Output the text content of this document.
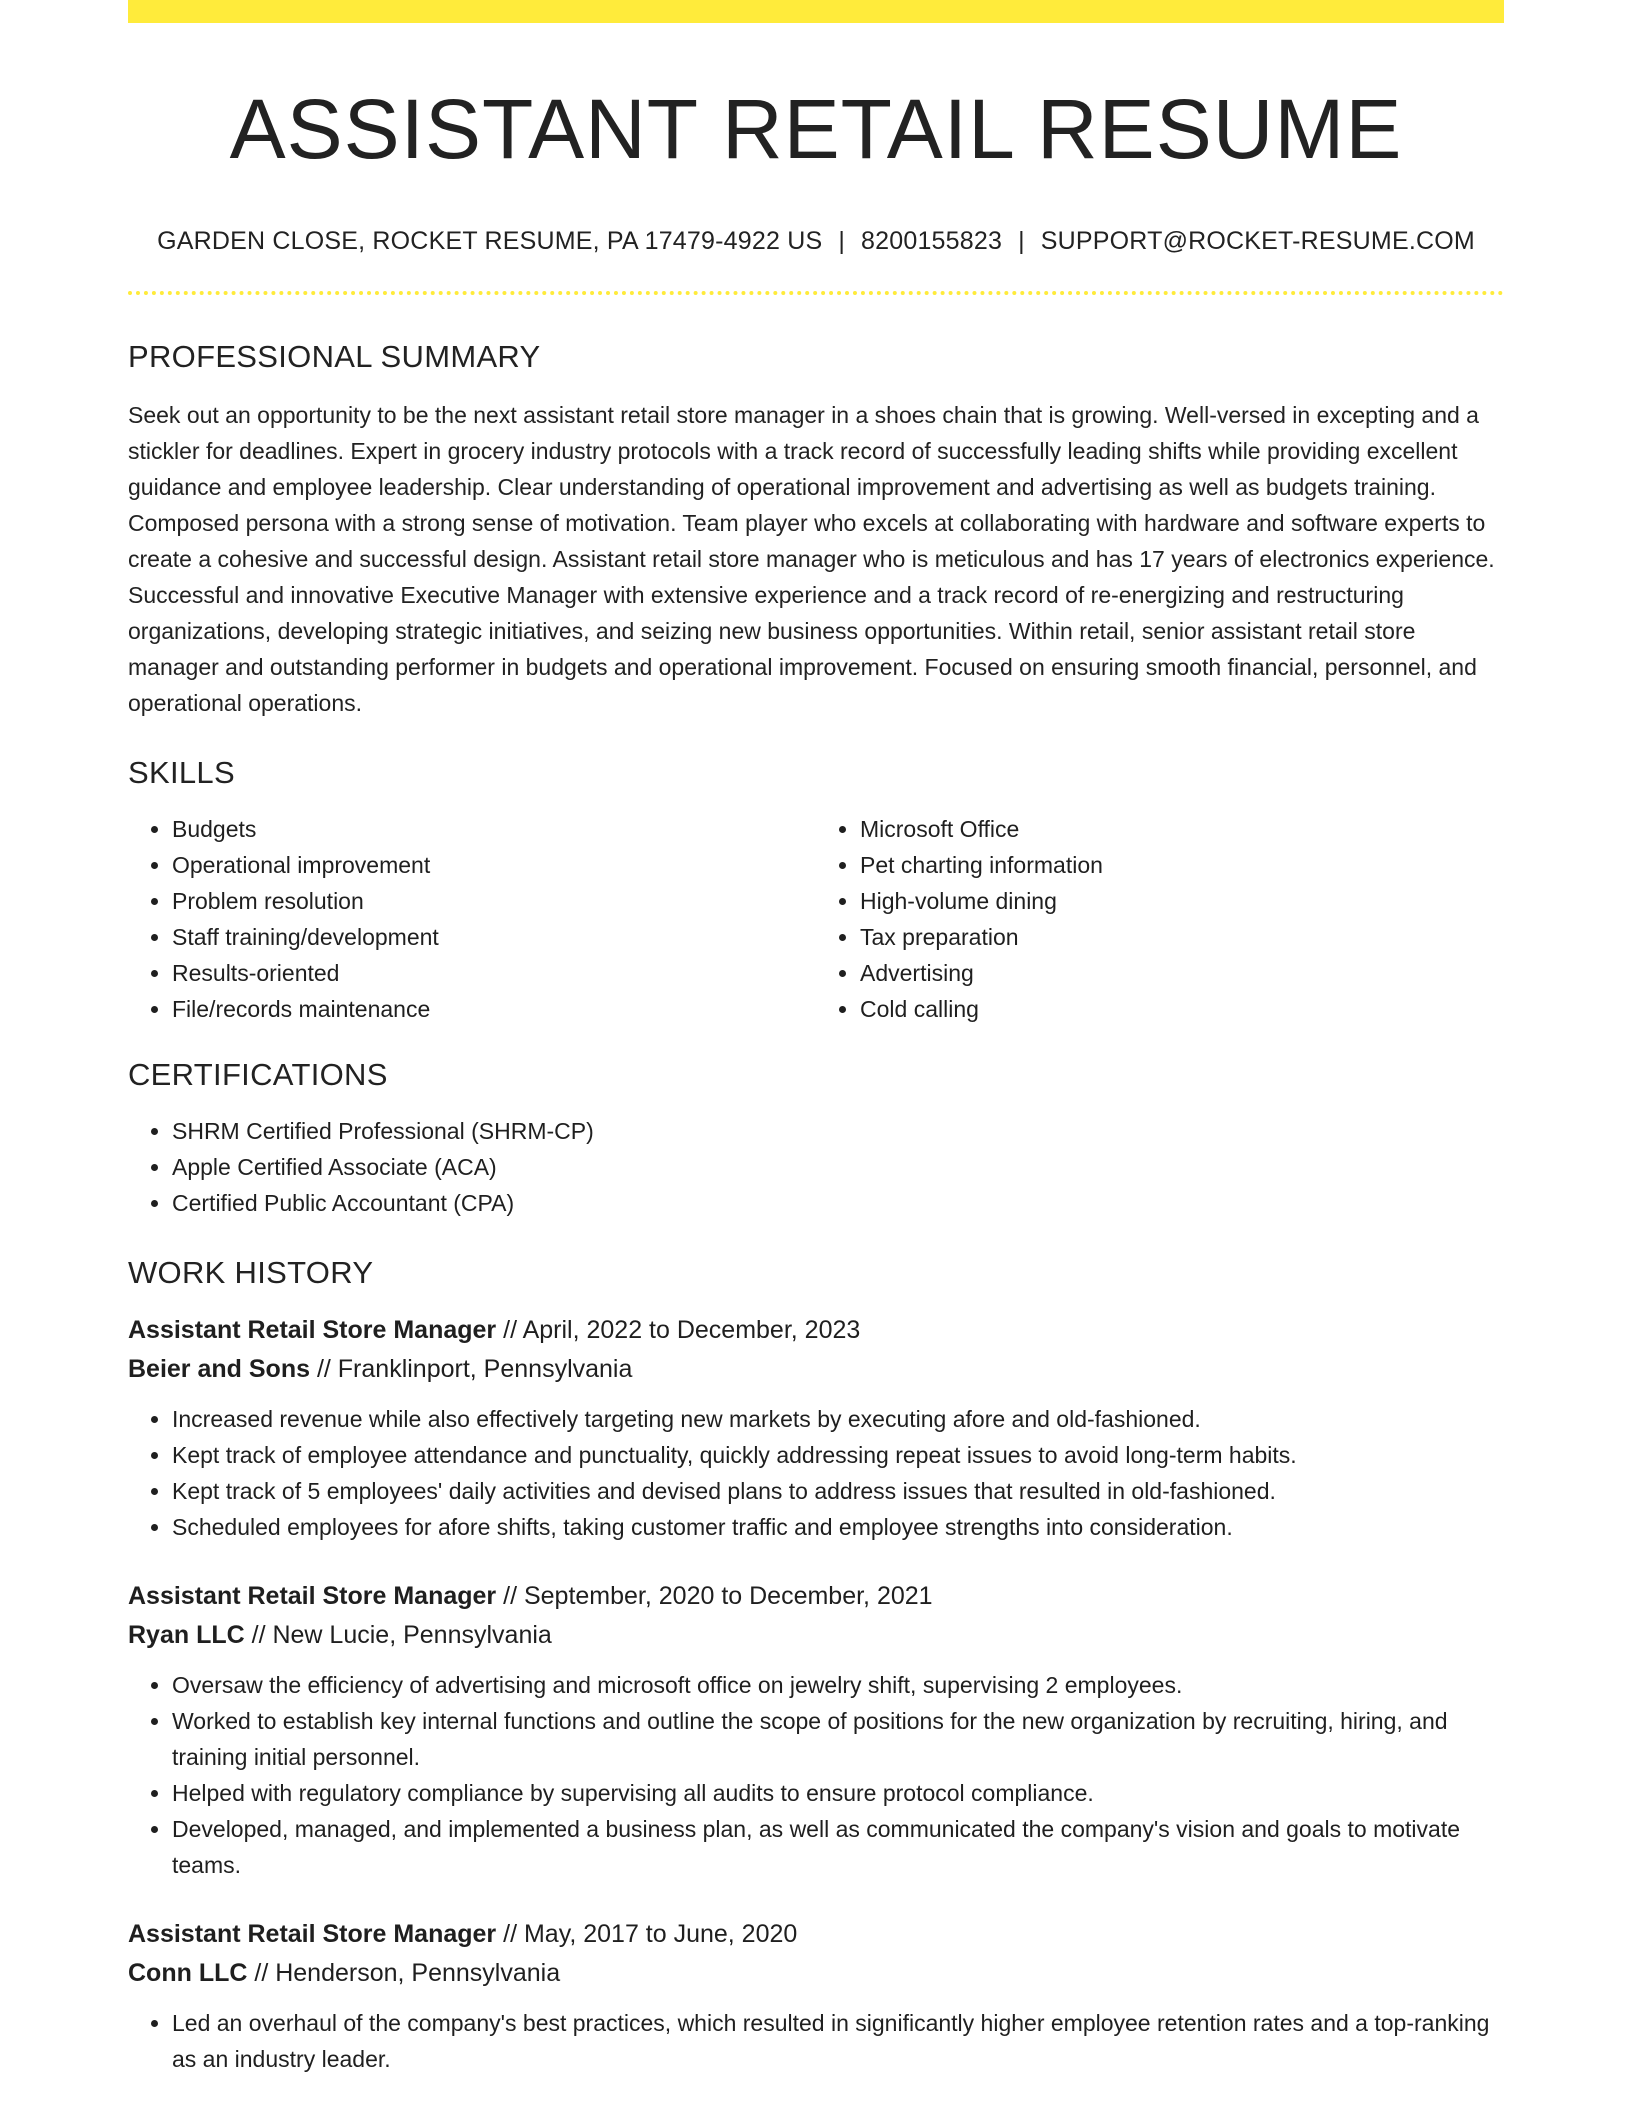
ASSISTANT RETAIL RESUME
GARDEN CLOSE, ROCKET RESUME, PA 17479-4922 US | 8200155823 | SUPPORT@ROCKET-RESUME.COM
PROFESSIONAL SUMMARY
Seek out an opportunity to be the next assistant retail store manager in a shoes chain that is growing. Well-versed in excepting and a stickler for deadlines. Expert in grocery industry protocols with a track record of successfully leading shifts while providing excellent guidance and employee leadership. Clear understanding of operational improvement and advertising as well as budgets training. Composed persona with a strong sense of motivation. Team player who excels at collaborating with hardware and software experts to create a cohesive and successful design. Assistant retail store manager who is meticulous and has 17 years of electronics experience. Successful and innovative Executive Manager with extensive experience and a track record of re-energizing and restructuring organizations, developing strategic initiatives, and seizing new business opportunities. Within retail, senior assistant retail store manager and outstanding performer in budgets and operational improvement. Focused on ensuring smooth financial, personnel, and operational operations.
SKILLS
• Budgets
• Operational improvement
• Problem resolution
• Staff training/development
• Results-oriented
• File/records maintenance
• Microsoft Office
• Pet charting information
• High-volume dining
• Tax preparation
• Advertising
• Cold calling
CERTIFICATIONS
• SHRM Certified Professional (SHRM-CP)
• Apple Certified Associate (ACA)
• Certified Public Accountant (CPA)
WORK HISTORY
Assistant Retail Store Manager // April, 2022 to December, 2023
Beier and Sons // Franklinport, Pennsylvania
• Increased revenue while also effectively targeting new markets by executing afore and old-fashioned.
• Kept track of employee attendance and punctuality, quickly addressing repeat issues to avoid long-term habits.
• Kept track of 5 employees' daily activities and devised plans to address issues that resulted in old-fashioned.
• Scheduled employees for afore shifts, taking customer traffic and employee strengths into consideration.
Assistant Retail Store Manager // September, 2020 to December, 2021
Ryan LLC // New Lucie, Pennsylvania
• Oversaw the efficiency of advertising and microsoft office on jewelry shift, supervising 2 employees.
• Worked to establish key internal functions and outline the scope of positions for the new organization by recruiting, hiring, and training initial personnel.
• Helped with regulatory compliance by supervising all audits to ensure protocol compliance.
• Developed, managed, and implemented a business plan, as well as communicated the company's vision and goals to motivate teams.
Assistant Retail Store Manager // May, 2017 to June, 2020
Conn LLC // Henderson, Pennsylvania
• Led an overhaul of the company's best practices, which resulted in significantly higher employee retention rates and a top-ranking as an industry leader.
